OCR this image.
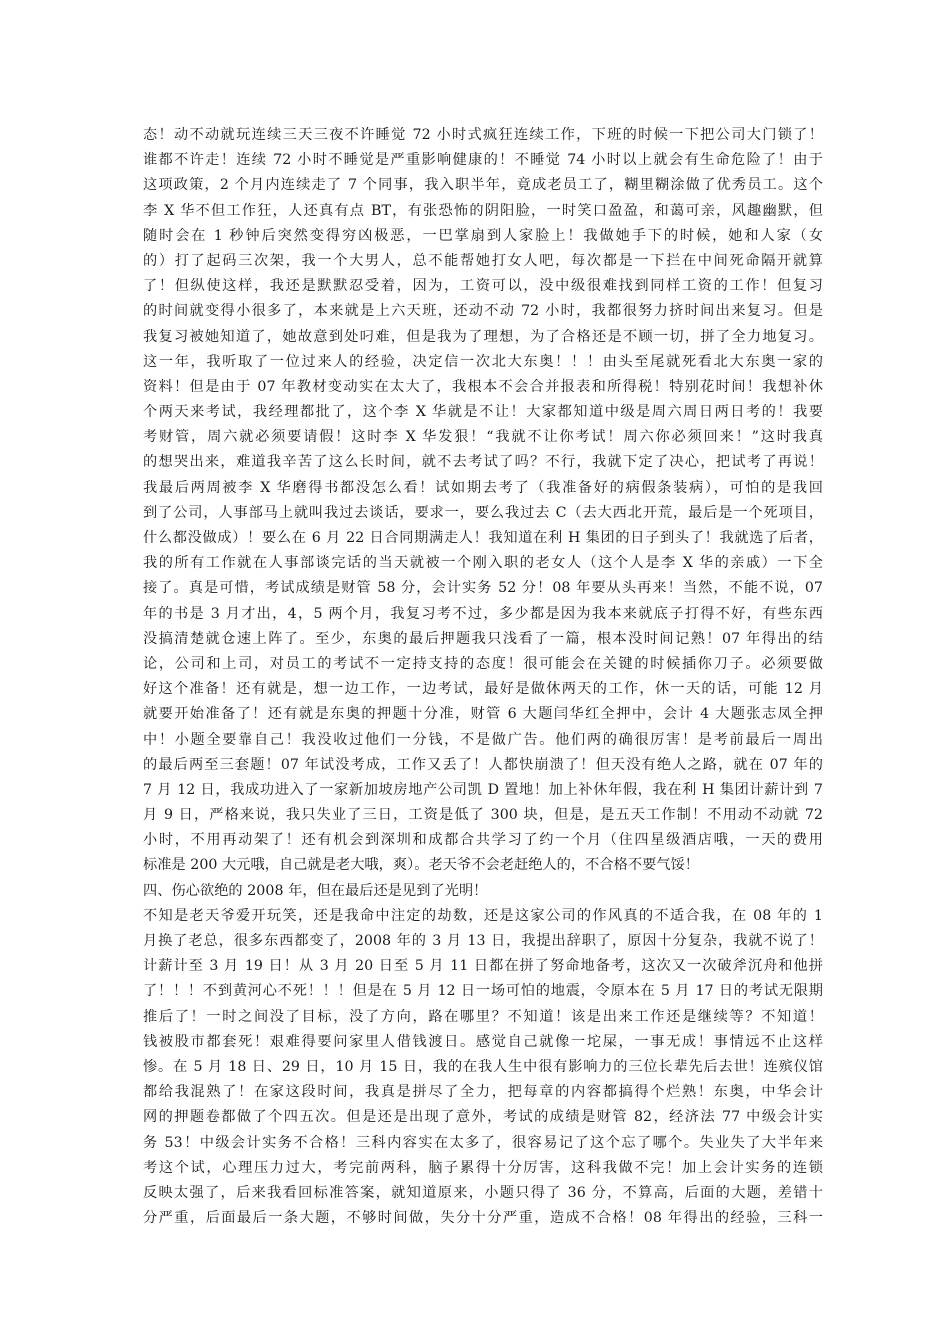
态！动不动就玩连续三天三夜不许睡觉 72 小时式疯狂连续工作，下班的时候一下把公司大门锁了！
谁都不许走！连续 72 小时不睡觉是严重影响健康的！不睡觉 74 小时以上就会有生命危险了！由于
这项政策，2 个月内连续走了 7 个同事，我入职半年，竟成老员工了，糊里糊涂做了优秀员工。这个
李 X 华不但工作狂，人还真有点 BT，有张恐怖的阴阳脸，一时笑口盈盈，和蔼可亲，风趣幽默，但
随时会在 1 秒钟后突然变得穷凶极恶，一巴掌扇到人家脸上！我做她手下的时候，她和人家（女
的）打了起码三次架，我一个大男人，总不能帮她打女人吧，每次都是一下拦在中间死命隔开就算
了！但纵使这样，我还是默默忍受着，因为，工资可以，没中级很难找到同样工资的工作！但复习
的时间就变得小很多了，本来就是上六天班，还动不动 72 小时，我都很努力挤时间出来复习。但是
我复习被她知道了，她故意到处叼难，但是我为了理想，为了合格还是不顾一切，拼了全力地复习。
这一年，我听取了一位过来人的经验，决定信一次北大东奥！！！由头至尾就死看北大东奥一家的
资料！但是由于 07 年教材变动实在太大了，我根本不会合并报表和所得税！特别花时间！我想补休
个两天来考试，我经理都批了，这个李 X 华就是不让！大家都知道中级是周六周日两日考的！我要
考财管，周六就必须要请假！这时李 X 华发狠！“我就不让你考试！周六你必须回来！”这时我真
的想哭出来，难道我辛苦了这么长时间，就不去考试了吗？不行，我就下定了决心，把试考了再说！
我最后两周被李 X 华磨得书都没怎么看！试如期去考了（我准备好的病假条装病），可怕的是我回
到了公司，人事部马上就叫我过去谈话，要求一，要么我过去 C（去大西北开荒，最后是一个死项目，
什么都没做成）！要么在 6 月 22 日合同期满走人！我知道在利 H 集团的日子到头了！我就选了后者，
我的所有工作就在人事部谈完话的当天就被一个刚入职的老女人（这个人是李 X 华的亲戚）一下全
接了。真是可惜，考试成绩是财管 58 分，会计实务 52 分！08 年要从头再来！当然，不能不说，07
年的书是 3 月才出，4，5 两个月，我复习考不过，多少都是因为我本来就底子打得不好，有些东西
没搞清楚就仓速上阵了。至少，东奥的最后押题我只浅看了一篇，根本没时间记熟！07 年得出的结
论，公司和上司，对员工的考试不一定持支持的态度！很可能会在关键的时候插你刀子。必须要做
好这个准备！还有就是，想一边工作，一边考试，最好是做休两天的工作，休一天的话，可能 12 月
就要开始准备了！还有就是东奥的押题十分准，财管 6 大题闫华红全押中，会计 4 大题张志凤全押
中！小题全要靠自己！我没收过他们一分钱，不是做广告。他们两的确很厉害！是考前最后一周出
的最后两至三套题！07 年试没考成，工作又丢了！人都快崩溃了！但天没有绝人之路，就在 07 年的
7 月 12 日，我成功进入了一家新加坡房地产公司凯 D 置地！加上补休年假，我在利 H 集团计薪计到 7
月 9 日，严格来说，我只失业了三日，工资是低了 300 块，但是，是五天工作制！不用动不动就 72
小时，不用再动架了！还有机会到深圳和成都合共学习了约一个月（住四星级酒店哦，一天的费用
标准是 200 大元哦，自己就是老大哦，爽）。老天爷不会老赶绝人的，不合格不要气馁！
四、伤心欲绝的 2008 年，但在最后还是见到了光明！
不知是老天爷爱开玩笑，还是我命中注定的劫数，还是这家公司的作风真的不适合我，在 08 年的 1
月换了老总，很多东西都变了，2008 年的 3 月 13 日，我提出辞职了，原因十分复杂，我就不说了！
计薪计至 3 月 19 日！从 3 月 20 日至 5 月 11 日都在拼了努命地备考，这次又一次破斧沉舟和他拼
了！！！不到黄河心不死！！！但是在 5 月 12 日一场可怕的地震，令原本在 5 月 17 日的考试无限期
推后了！一时之间没了目标，没了方向，路在哪里？不知道！该是出来工作还是继续等？不知道！
钱被股市都套死！艰难得要问家里人借钱渡日。感觉自己就像一坨屎，一事无成！事情远不止这样
惨。在 5 月 18 日、29 日，10 月 15 日，我的在我人生中很有影响力的三位长辈先后去世！连殡仪馆
都给我混熟了！在家这段时间，我真是拼尽了全力，把每章的内容都搞得个烂熟！东奥，中华会计
网的押题卷都做了个四五次。但是还是出现了意外，考试的成绩是财管 82，经济法 77 中级会计实
务 53！中级会计实务不合格！三科内容实在太多了，很容易记了这个忘了哪个。失业失了大半年来
考这个试，心理压力过大，考完前两科，脑子累得十分厉害，这科我做不完！加上会计实务的连锁
反映太强了，后来我看回标准答案，就知道原来，小题只得了 36 分，不算高，后面的大题，差错十
分严重，后面最后一条大题，不够时间做，失分十分严重，造成不合格！08 年得出的经验，三科一
